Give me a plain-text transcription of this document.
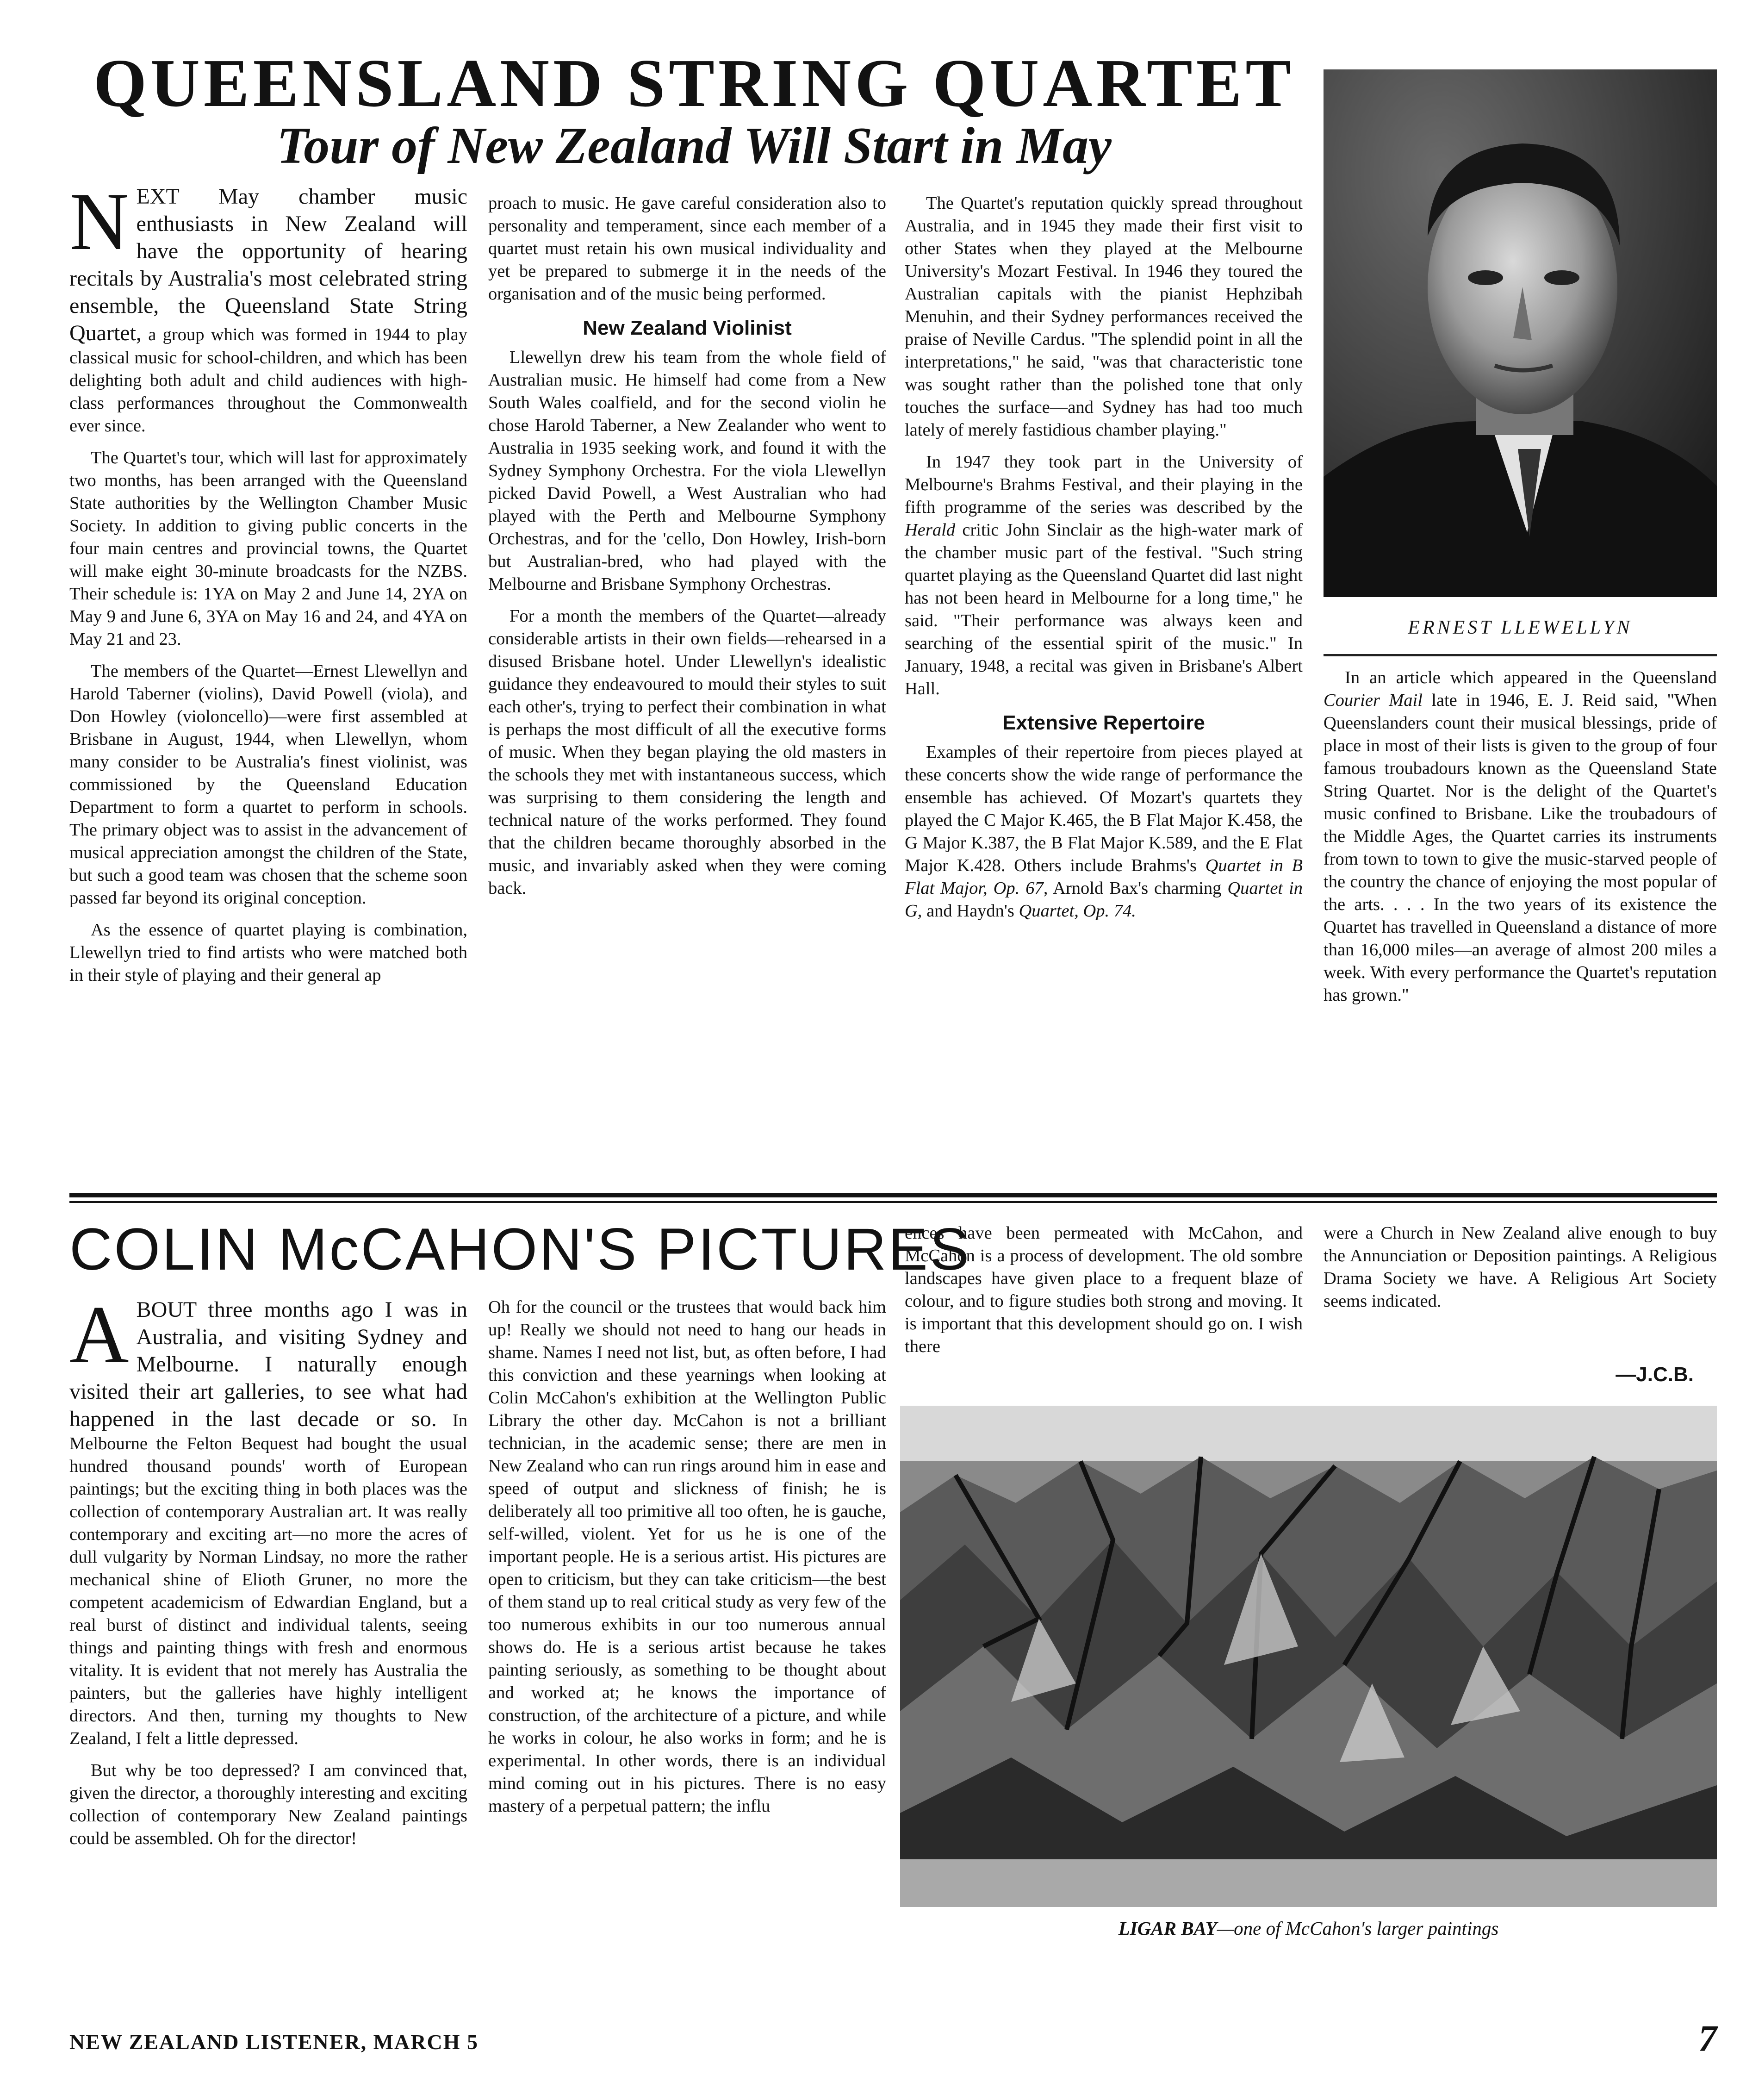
QUEENSLAND STRING QUARTET
Tour of New Zealand Will Start in May

NEXT May chamber music enthusiasts in New Zealand will have the opportunity of hearing recitals by Australia's most celebrated string ensemble, the Queensland State String Quartet, a group which was formed in 1944 to play classical music for school-children, and which has been delighting both adult and child audiences with high-class performances throughout the Commonwealth ever since.

The Quartet's tour, which will last for approximately two months, has been arranged with the Queensland State authorities by the Wellington Chamber Music Society. In addition to giving public concerts in the four main centres and provincial towns, the Quartet will make eight 30-minute broadcasts for the NZBS. Their schedule is: 1YA on May 2 and June 14, 2YA on May 9 and June 6, 3YA on May 16 and 24, and 4YA on May 21 and 23.

The members of the Quartet—Ernest Llewellyn and Harold Taberner (violins), David Powell (viola), and Don Howley (violoncello)—were first assembled at Brisbane in August, 1944, when Llewellyn, whom many consider to be Australia's finest violinist, was commissioned by the Queensland Education Department to form a quartet to perform in schools. The primary object was to assist in the advancement of musical appreciation amongst the children of the State, but such a good team was chosen that the scheme soon passed far beyond its original conception.

As the essence of quartet playing is combination, Llewellyn tried to find artists who were matched both in their style of playing and their general ap

proach to music. He gave careful consideration also to personality and temperament, since each member of a quartet must retain his own musical individuality and yet be prepared to submerge it in the needs of the organisation and of the music being performed.

New Zealand Violinist

Llewellyn drew his team from the whole field of Australian music. He himself had come from a New South Wales coalfield, and for the second violin he chose Harold Taberner, a New Zealander who went to Australia in 1935 seeking work, and found it with the Sydney Symphony Orchestra. For the viola Llewellyn picked David Powell, a West Australian who had played with the Perth and Melbourne Symphony Orchestras, and for the 'cello, Don Howley, Irish-born but Australian-bred, who had played with the Melbourne and Brisbane Symphony Orchestras.

For a month the members of the Quartet—already considerable artists in their own fields—rehearsed in a disused Brisbane hotel. Under Llewellyn's idealistic guidance they endeavoured to mould their styles to suit each other's, trying to perfect their combination in what is perhaps the most difficult of all the executive forms of music. When they began playing the old masters in the schools they met with instantaneous success, which was surprising to them considering the length and technical nature of the works performed. They found that the children became thoroughly absorbed in the music, and invariably asked when they were coming back.

The Quartet's reputation quickly spread throughout Australia, and in 1945 they made their first visit to other States when they played at the Melbourne University's Mozart Festival. In 1946 they toured the Australian capitals with the pianist Hephzibah Menuhin, and their Sydney performances received the praise of Neville Cardus. "The splendid point in all the interpretations," he said, "was that characteristic tone was sought rather than the polished tone that only touches the surface—and Sydney has had too much lately of merely fastidious chamber playing."

In 1947 they took part in the University of Melbourne's Brahms Festival, and their playing in the fifth programme of the series was described by the Herald critic John Sinclair as the high-water mark of the chamber music part of the festival. "Such string quartet playing as the Queensland Quartet did last night has not been heard in Melbourne for a long time," he said. "Their performance was always keen and searching of the essential spirit of the music." In January, 1948, a recital was given in Brisbane's Albert Hall.

Extensive Repertoire

Examples of their repertoire from pieces played at these concerts show the wide range of performance the ensemble has achieved. Of Mozart's quartets they played the C Major K.465, the B Flat Major K.458, the G Major K.387, the B Flat Major K.589, and the E Flat Major K.428. Others include Brahms's Quartet in B Flat Major, Op. 67, Arnold Bax's charming Quartet in G, and Haydn's Quartet, Op. 74.

ERNEST LLEWELLYN

In an article which appeared in the Queensland Courier Mail late in 1946, E. J. Reid said, "When Queenslanders count their musical blessings, pride of place in most of their lists is given to the group of four famous troubadours known as the Queensland State String Quartet. Nor is the delight of the Quartet's music confined to Brisbane. Like the troubadours of the Middle Ages, the Quartet carries its instruments from town to town to give the music-starved people of the country the chance of enjoying the most popular of the arts. . . . In the two years of its existence the Quartet has travelled in Queensland a distance of more than 16,000 miles—an average of almost 200 miles a week. With every performance the Quartet's reputation has grown."

COLIN McCAHON'S PICTURES

ABOUT three months ago I was in Australia, and visiting Sydney and Melbourne. I naturally enough visited their art galleries, to see what had happened in the last decade or so. In Melbourne the Felton Bequest had bought the usual hundred thousand pounds' worth of European paintings; but the exciting thing in both places was the collection of contemporary Australian art. It was really contemporary and exciting art—no more the acres of dull vulgarity by Norman Lindsay, no more the rather mechanical shine of Elioth Gruner, no more the competent academicism of Edwardian England, but a real burst of distinct and individual talents, seeing things and painting things with fresh and enormous vitality. It is evident that not merely has Australia the painters, but the galleries have highly intelligent directors. And then, turning my thoughts to New Zealand, I felt a little depressed.

But why be too depressed? I am convinced that, given the director, a thoroughly interesting and exciting collection of contemporary New Zealand paintings could be assembled. Oh for the director!

Oh for the council or the trustees that would back him up! Really we should not need to hang our heads in shame. Names I need not list, but, as often before, I had this conviction and these yearnings when looking at Colin McCahon's exhibition at the Wellington Public Library the other day. McCahon is not a brilliant technician, in the academic sense; there are men in New Zealand who can run rings around him in ease and speed of output and slickness of finish; he is deliberately all too primitive all too often, he is gauche, self-willed, violent. Yet for us he is one of the important people. He is a serious artist. His pictures are open to criticism, but they can take criticism—the best of them stand up to real critical study as very few of the too numerous exhibits in our too numerous annual shows do. He is a serious artist because he takes painting seriously, as something to be thought about and worked at; he knows the importance of construction, of the architecture of a picture, and while he works in colour, he also works in form; and he is experimental. In other words, there is an individual mind coming out in his pictures. There is no easy mastery of a perpetual pattern; the influ

ences have been permeated with McCahon, and McCahon is a process of development. The old sombre landscapes have given place to a frequent blaze of colour, and to figure studies both strong and moving. It is important that this development should go on. I wish there

were a Church in New Zealand alive enough to buy the Annunciation or Deposition paintings. A Religious Drama Society we have. A Religious Art Society seems indicated.

—J.C.B.

LIGAR BAY—one of McCahon's larger paintings

NEW ZEALAND LISTENER, MARCH 5	7
